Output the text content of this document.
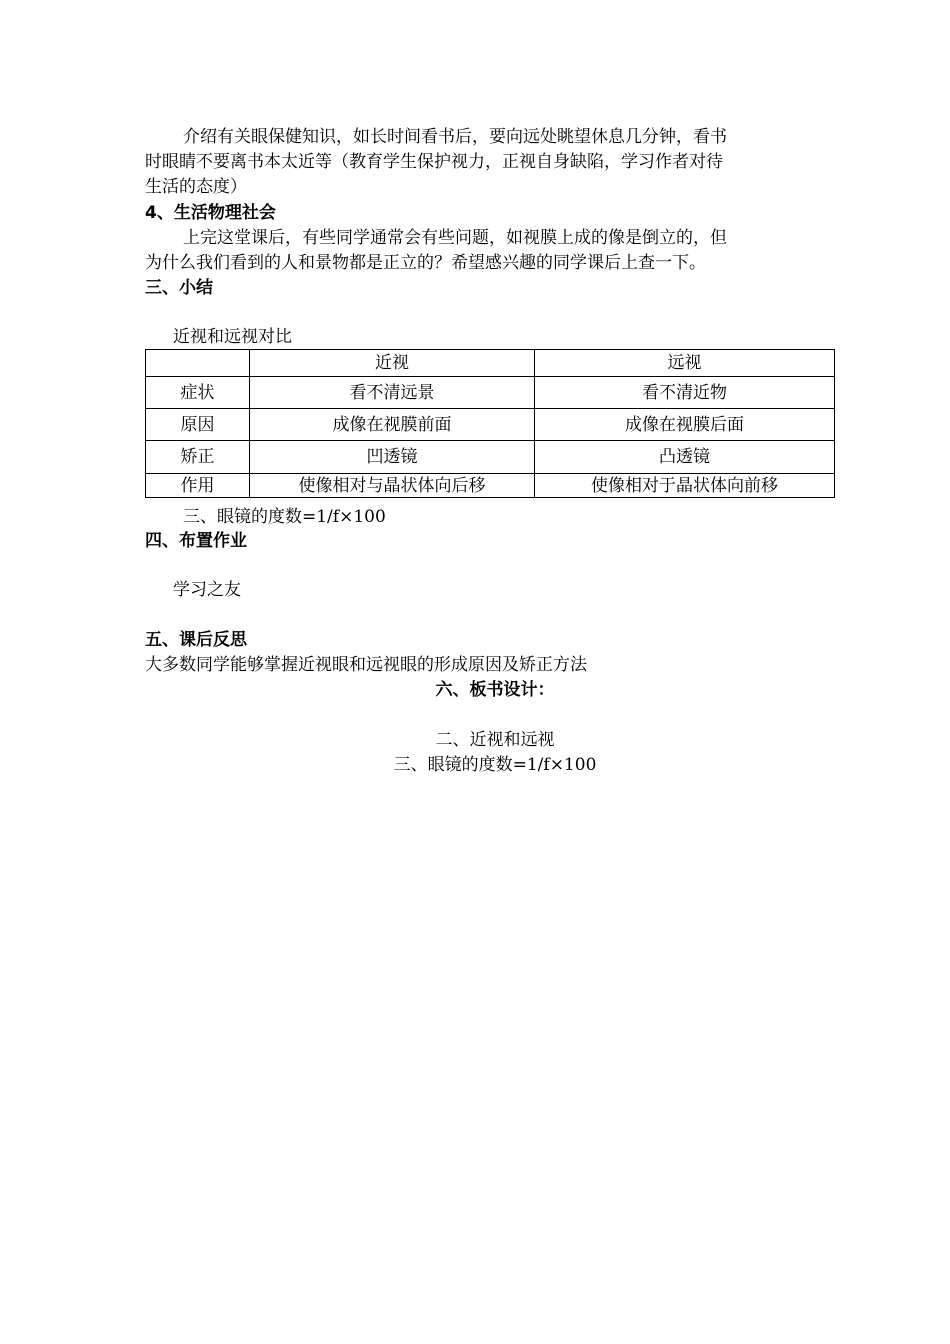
介绍有关眼保健知识，如长时间看书后，要向远处眺望休息几分钟，看书
时眼睛不要离书本太近等（教育学生保护视力，正视自身缺陷，学习作者对待
生活的态度）
4、生活物理社会
上完这堂课后，有些同学通常会有些问题，如视膜上成的像是倒立的，但
为什么我们看到的人和景物都是正立的？希望感兴趣的同学课后上查一下。
三、小结
近视和远视对比
	近视	远视
症状	看不清远景	看不清近物
原因	成像在视膜前面	成像在视膜后面
矫正	凹透镜	凸透镜
作用	使像相对与晶状体向后移	使像相对于晶状体向前移
三、眼镜的度数=1/f×100
四、布置作业
学习之友
五、课后反思
大多数同学能够掌握近视眼和远视眼的形成原因及矫正方法
六、板书设计：
二、近视和远视
三、眼镜的度数=1/f×100
